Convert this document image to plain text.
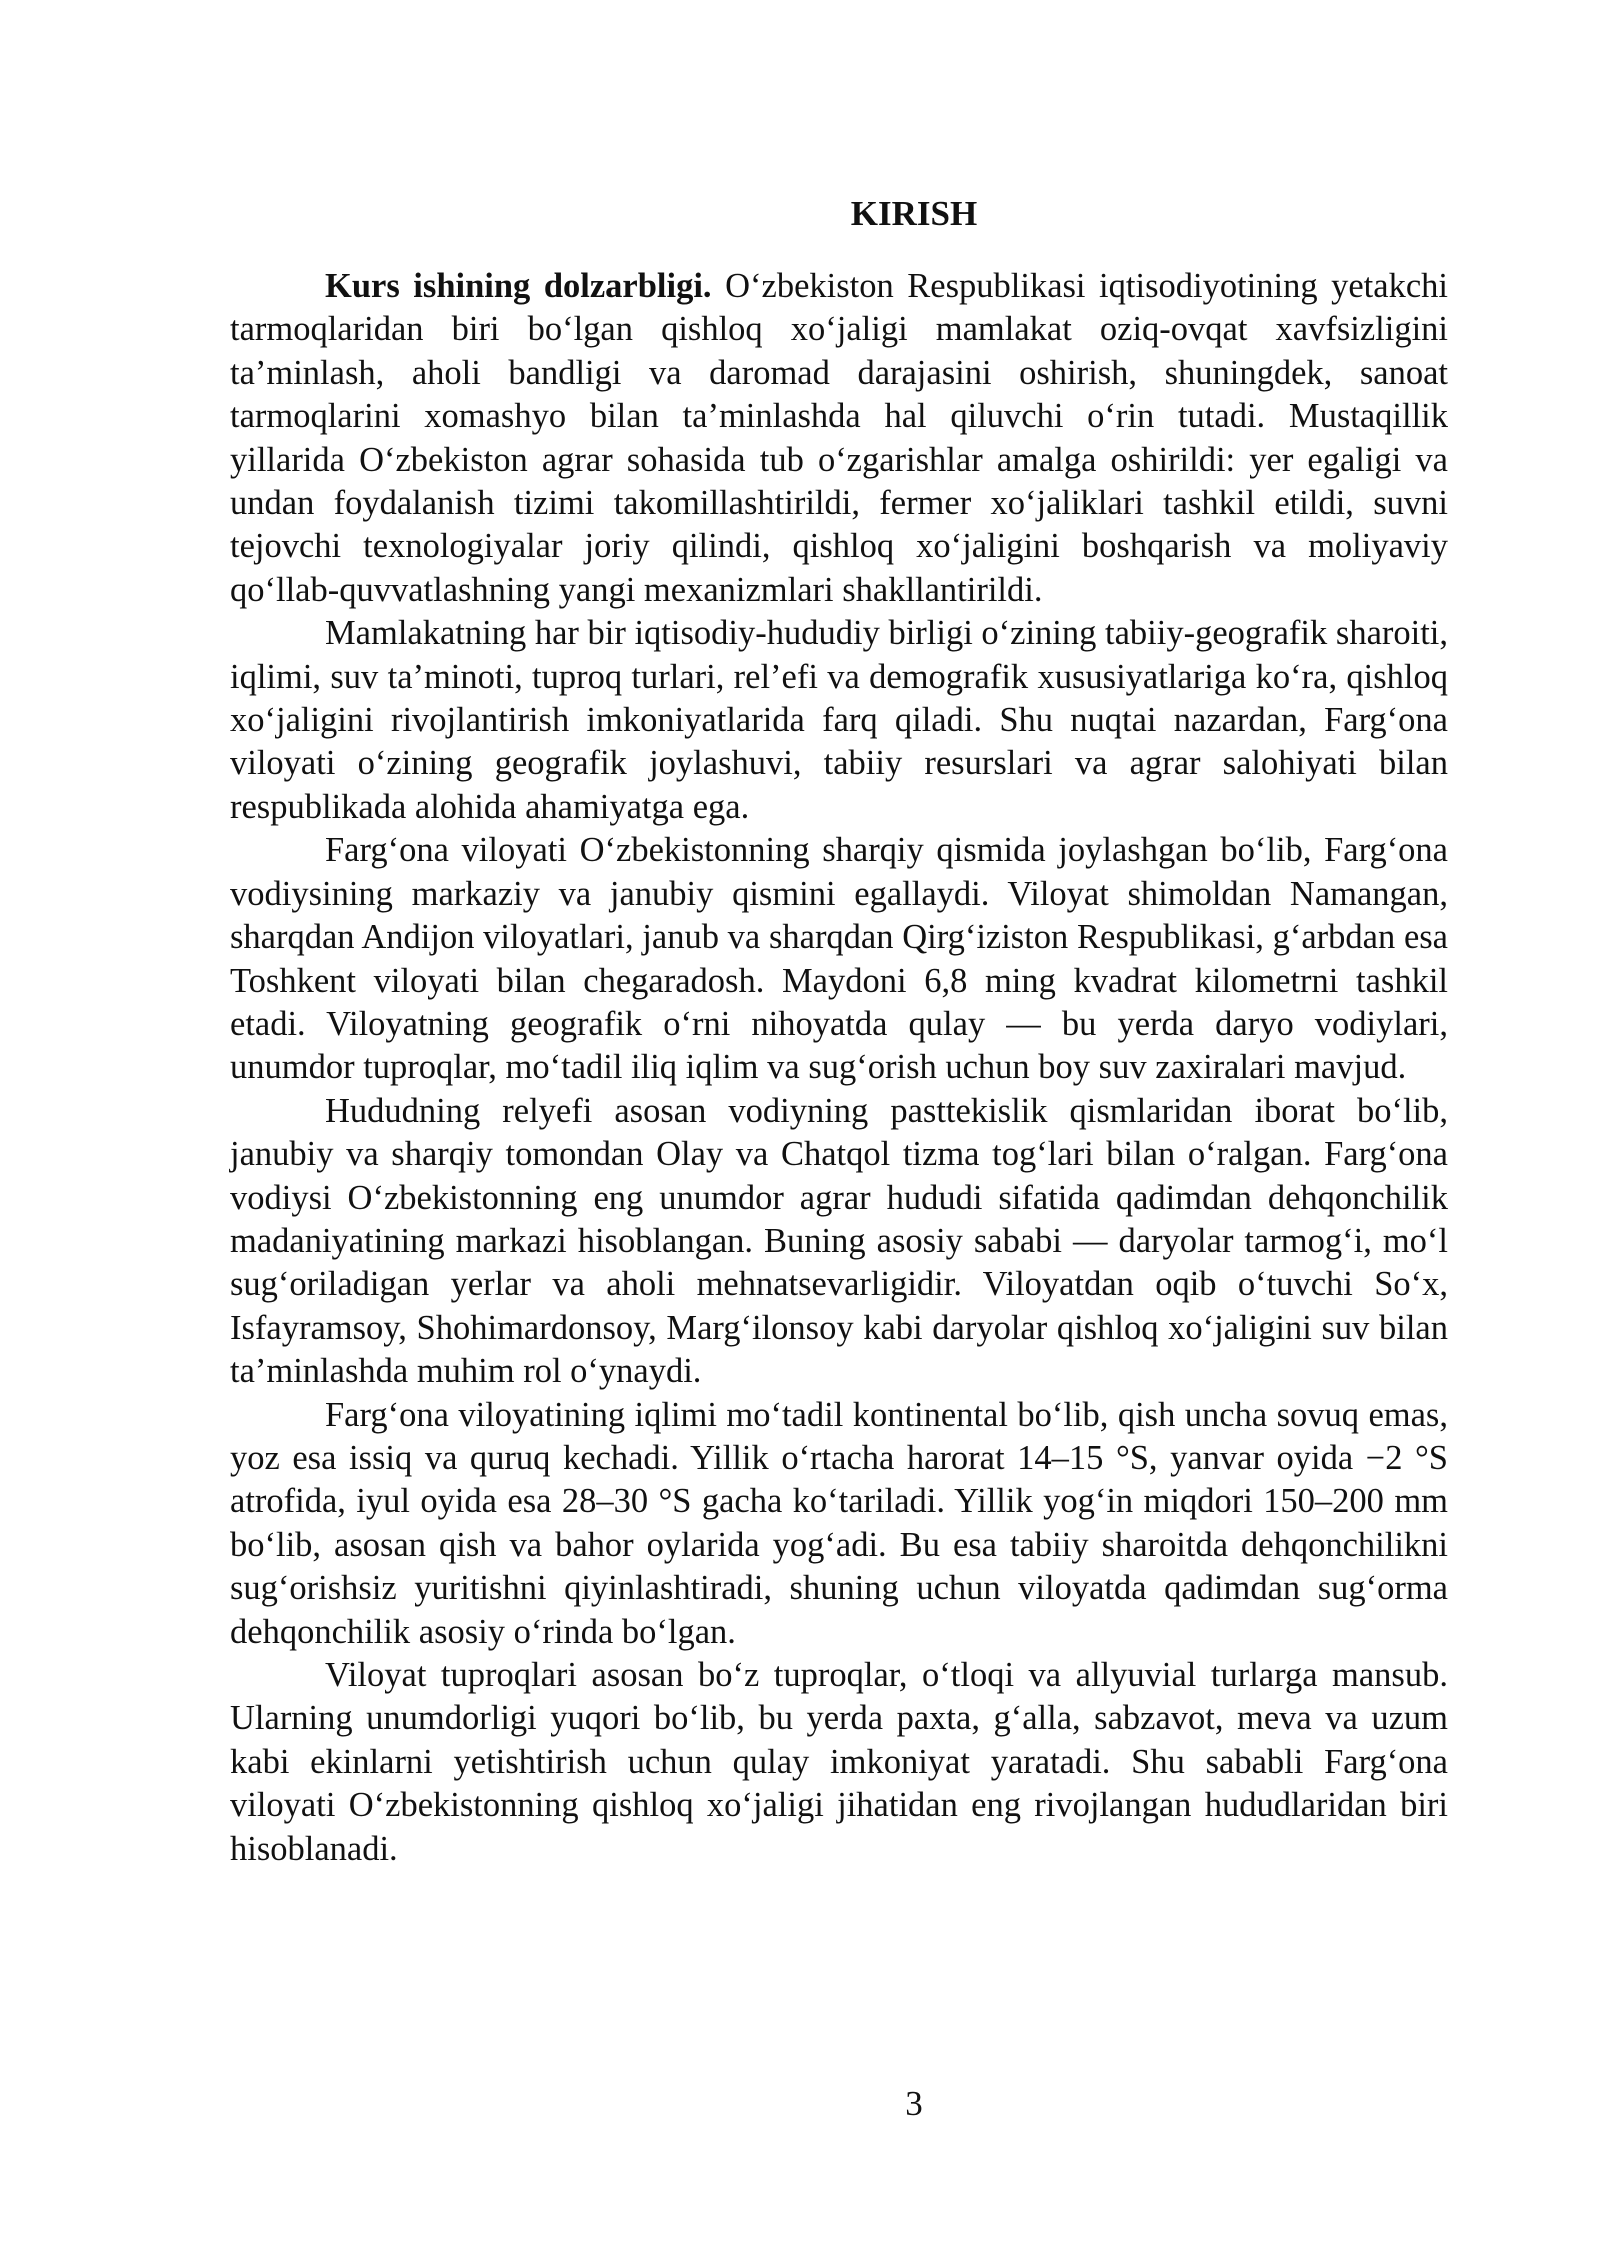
KIRISH

Kurs ishining dolzarbligi. O‘zbekiston Respublikasi iqtisodiyotining yetakchi tarmoqlaridan biri bo‘lgan qishloq xo‘jaligi mamlakat oziq-ovqat xavfsizligini ta’minlash, aholi bandligi va daromad darajasini oshirish, shuningdek, sanoat tarmoqlarini xomashyo bilan ta’minlashda hal qiluvchi o‘rin tutadi. Mustaqillik yillarida O‘zbekiston agrar sohasida tub o‘zgarishlar amalga oshirildi: yer egaligi va undan foydalanish tizimi takomillashtirildi, fermer xo‘jaliklari tashkil etildi, suvni tejovchi texnologiyalar joriy qilindi, qishloq xo‘jaligini boshqarish va moliyaviy qo‘llab-quvvatlashning yangi mexanizmlari shakllantirildi.

Mamlakatning har bir iqtisodiy-hududiy birligi o‘zining tabiiy-geografik sharoiti, iqlimi, suv ta’minoti, tuproq turlari, rel’efi va demografik xususiyatlariga ko‘ra, qishloq xo‘jaligini rivojlantirish imkoniyatlarida farq qiladi. Shu nuqtai nazardan, Farg‘ona viloyati o‘zining geografik joylashuvi, tabiiy resurslari va agrar salohiyati bilan respublikada alohida ahamiyatga ega.

Farg‘ona viloyati O‘zbekistonning sharqiy qismida joylashgan bo‘lib, Farg‘ona vodiysining markaziy va janubiy qismini egallaydi. Viloyat shimoldan Namangan, sharqdan Andijon viloyatlari, janub va sharqdan Qirg‘iziston Respublikasi, g‘arbdan esa Toshkent viloyati bilan chegaradosh. Maydoni 6,8 ming kvadrat kilometrni tashkil etadi. Viloyatning geografik o‘rni nihoyatda qulay — bu yerda daryo vodiylari, unumdor tuproqlar, mo‘tadil iliq iqlim va sug‘orish uchun boy suv zaxiralari mavjud.

Hududning relyefi asosan vodiyning pasttekislik qismlaridan iborat bo‘lib, janubiy va sharqiy tomondan Olay va Chatqol tizma tog‘lari bilan o‘ralgan. Farg‘ona vodiysi O‘zbekistonning eng unumdor agrar hududi sifatida qadimdan dehqonchilik madaniyatining markazi hisoblangan. Buning asosiy sababi — daryolar tarmog‘i, mo‘l sug‘oriladigan yerlar va aholi mehnatsevarligidir. Viloyatdan oqib o‘tuvchi So‘x, Isfayramsoy, Shohimardonsoy, Marg‘ilonsoy kabi daryolar qishloq xo‘jaligini suv bilan ta’minlashda muhim rol o‘ynaydi.

Farg‘ona viloyatining iqlimi mo‘tadil kontinental bo‘lib, qish uncha sovuq emas, yoz esa issiq va quruq kechadi. Yillik o‘rtacha harorat 14–15 °S, yanvar oyida −2 °S atrofida, iyul oyida esa 28–30 °S gacha ko‘tariladi. Yillik yog‘in miqdori 150–200 mm bo‘lib, asosan qish va bahor oylarida yog‘adi. Bu esa tabiiy sharoitda dehqonchilikni sug‘orishsiz yuritishni qiyinlashtiradi, shuning uchun viloyatda qadimdan sug‘orma dehqonchilik asosiy o‘rinda bo‘lgan.

Viloyat tuproqlari asosan bo‘z tuproqlar, o‘tloqi va allyuvial turlarga mansub. Ularning unumdorligi yuqori bo‘lib, bu yerda paxta, g‘alla, sabzavot, meva va uzum kabi ekinlarni yetishtirish uchun qulay imkoniyat yaratadi. Shu sababli Farg‘ona viloyati O‘zbekistonning qishloq xo‘jaligi jihatidan eng rivojlangan hududlaridan biri hisoblanadi.

3
